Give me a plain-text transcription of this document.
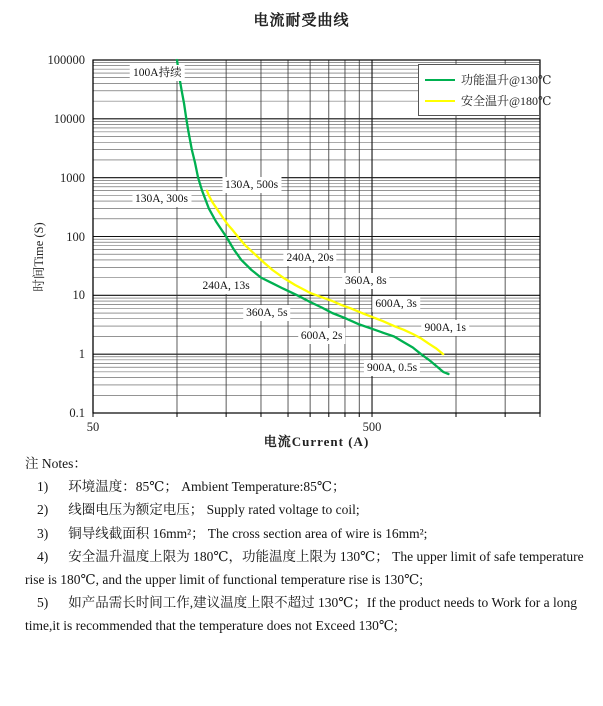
电流耐受曲线
100000
10000
1000
100
10
1
0.1
50	500
时间Time (S)
电流Current (A)
功能温升@130℃
安全温升@180℃
100A持续
130A, 500s
130A, 300s
240A, 20s
240A, 13s	360A, 8s
600A, 3s
360A, 5s
900A, 1s
600A, 2s
900A, 0.5s
注 Notes：
1) 环境温度：85℃； Ambient Temperature:85℃；
2) 线圈电压为额定电压； Supply rated voltage to coil;
3) 铜导线截面积 16mm²； The cross section area of wire is 16mm²;
4) 安全温升温度上限为 180℃，功能温度上限为 130℃； The upper limit of safe temperature rise is 180℃, and the upper limit of functional temperature rise is 130℃;
5) 如产品需长时间工作,建议温度上限不超过 130℃；If the product needs to Work for a long time,it is recommended that the temperature does not Exceed 130℃;
